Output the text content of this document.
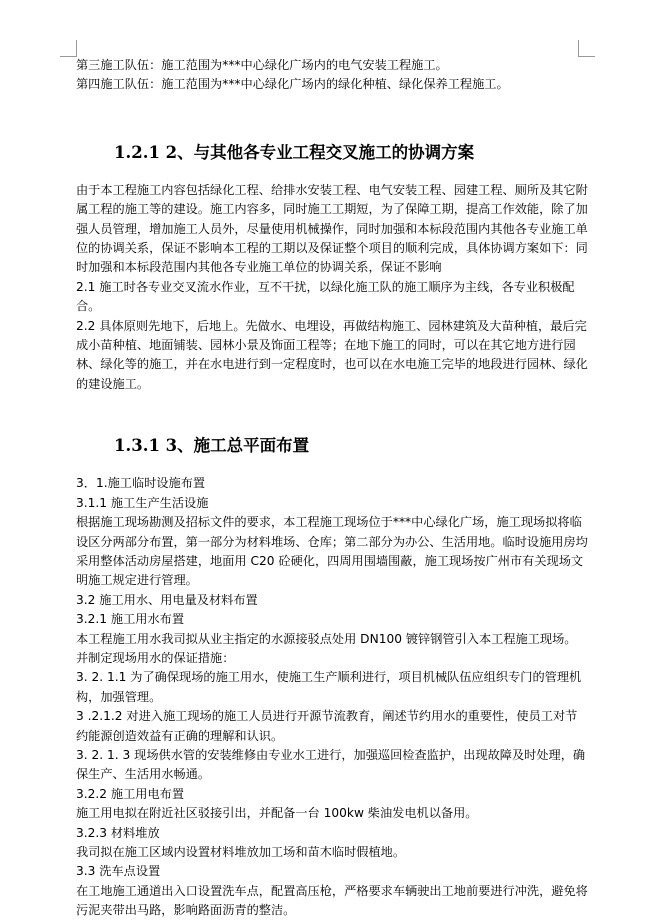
第三施工队伍：施工范围为***中心绿化广场内的电气安装工程施工。

第四施工队伍：施工范围为***中心绿化广场内的绿化种植、绿化保养工程施工。

1.2.1 2、与其他各专业工程交叉施工的协调方案

由于本工程施工内容包括绿化工程、给排水安装工程、电气安装工程、园建工程、厕所及其它附属工程的施工等的建设。施工内容多，同时施工工期短，为了保障工期，提高工作效能，除了加强人员管理，增加施工人员外，尽量使用机械操作，同时加强和本标段范围内其他各专业施工单位的协调关系，保证不影响本工程的工期以及保证整个项目的顺利完成，具体协调方案如下：同时加强和本标段范围内其他各专业施工单位的协调关系，保证不影响

2.1 施工时各专业交叉流水作业，互不干扰，以绿化施工队的施工顺序为主线，各专业积极配合。

2.2 具体原则先地下，后地上。先做水、电埋设，再做结构施工、园林建筑及大苗种植，最后完成小苗种植、地面铺装、园林小景及饰面工程等；在地下施工的同时，可以在其它地方进行园林、绿化等的施工，并在水电进行到一定程度时，也可以在水电施工完毕的地段进行园林、绿化的建设施工。

1.3.1 3、施工总平面布置

3．1.施工临时设施布置

3.1.1 施工生产生活设施

根据施工现场勘测及招标文件的要求，本工程施工现场位于***中心绿化广场，施工现场拟将临设区分两部分布置，第一部分为材料堆场、仓库；第二部分为办公、生活用地。临时设施用房均采用整体活动房屋搭建，地面用 C20 砼硬化，四周用围墙围蔽，施工现场按广州市有关现场文明施工规定进行管理。

3.2 施工用水、用电量及材料布置

3.2.1 施工用水布置

本工程施工用水我司拟从业主指定的水源接驳点处用 DN100 镀锌钢管引入本工程施工现场。并制定现场用水的保证措施：

3. 2. 1.1 为了确保现场的施工用水，使施工生产顺利进行，项目机械队伍应组织专门的管理机构，加强管理。

3 .2.1.2 对进入施工现场的施工人员进行开源节流教育，阐述节约用水的重要性，使员工对节约能源创造效益有正确的理解和认识。

3. 2. 1. 3 现场供水管的安装维修由专业水工进行，加强巡回检查监护，出现故障及时处理，确保生产、生活用水畅通。

3.2.2 施工用电布置

施工用电拟在附近社区驳接引出，并配备一台 100kw 柴油发电机以备用。

3.2.3 材料堆放

我司拟在施工区域内设置材料堆放加工场和苗木临时假植地。

3.3 洗车点设置

在工地施工通道出入口设置洗车点，配置高压枪，严格要求车辆驶出工地前要进行冲洗，避免将污泥夹带出马路，影响路面沥青的整洁。
